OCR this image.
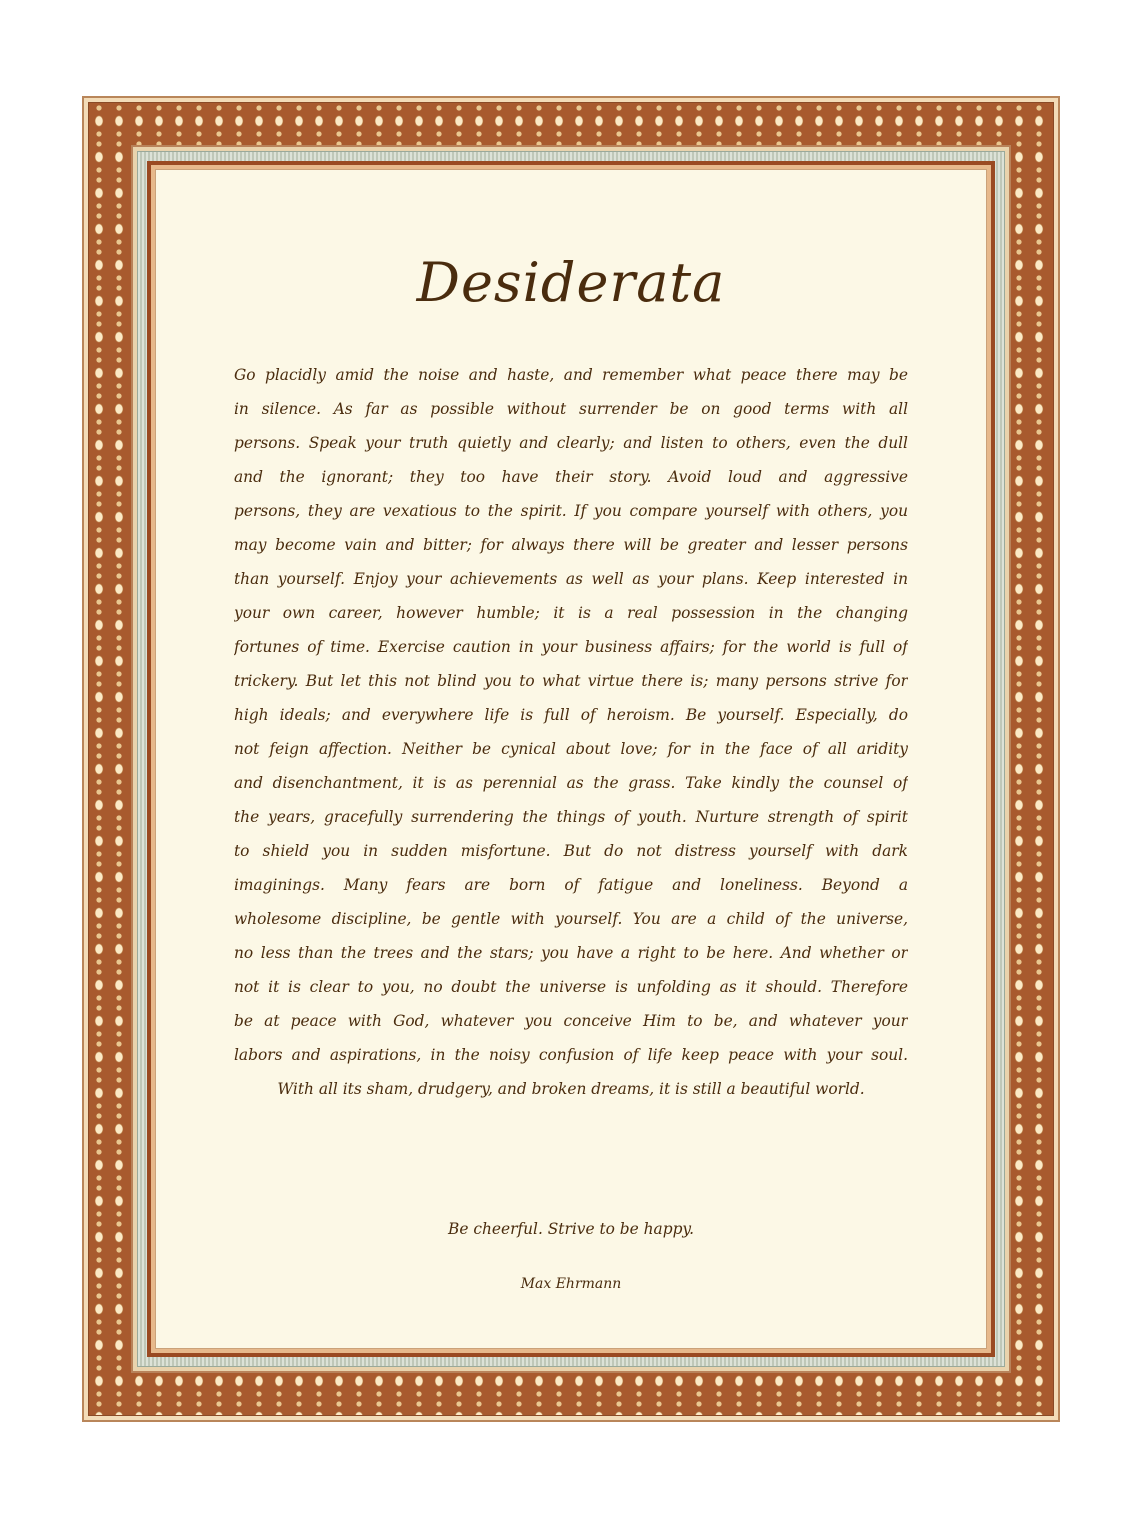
Desiderata
Go placidly amid the noise and haste, and remember what peace there may be
in silence. As far as possible without surrender be on good terms with all
persons. Speak your truth quietly and clearly; and listen to others, even the dull
and the ignorant; they too have their story. Avoid loud and aggressive
persons, they are vexatious to the spirit. If you compare yourself with others, you
may become vain and bitter; for always there will be greater and lesser persons
than yourself. Enjoy your achievements as well as your plans. Keep interested in
your own career, however humble; it is a real possession in the changing
fortunes of time. Exercise caution in your business affairs; for the world is full of
trickery. But let this not blind you to what virtue there is; many persons strive for
high ideals; and everywhere life is full of heroism. Be yourself. Especially, do
not feign affection. Neither be cynical about love; for in the face of all aridity
and disenchantment, it is as perennial as the grass. Take kindly the counsel of
the years, gracefully surrendering the things of youth. Nurture strength of spirit
to shield you in sudden misfortune. But do not distress yourself with dark
imaginings. Many fears are born of fatigue and loneliness. Beyond a
wholesome discipline, be gentle with yourself. You are a child of the universe,
no less than the trees and the stars; you have a right to be here. And whether or
not it is clear to you, no doubt the universe is unfolding as it should. Therefore
be at peace with God, whatever you conceive Him to be, and whatever your
labors and aspirations, in the noisy confusion of life keep peace with your soul.
With all its sham, drudgery, and broken dreams, it is still a beautiful world.
Be cheerful. Strive to be happy.
Max Ehrmann
